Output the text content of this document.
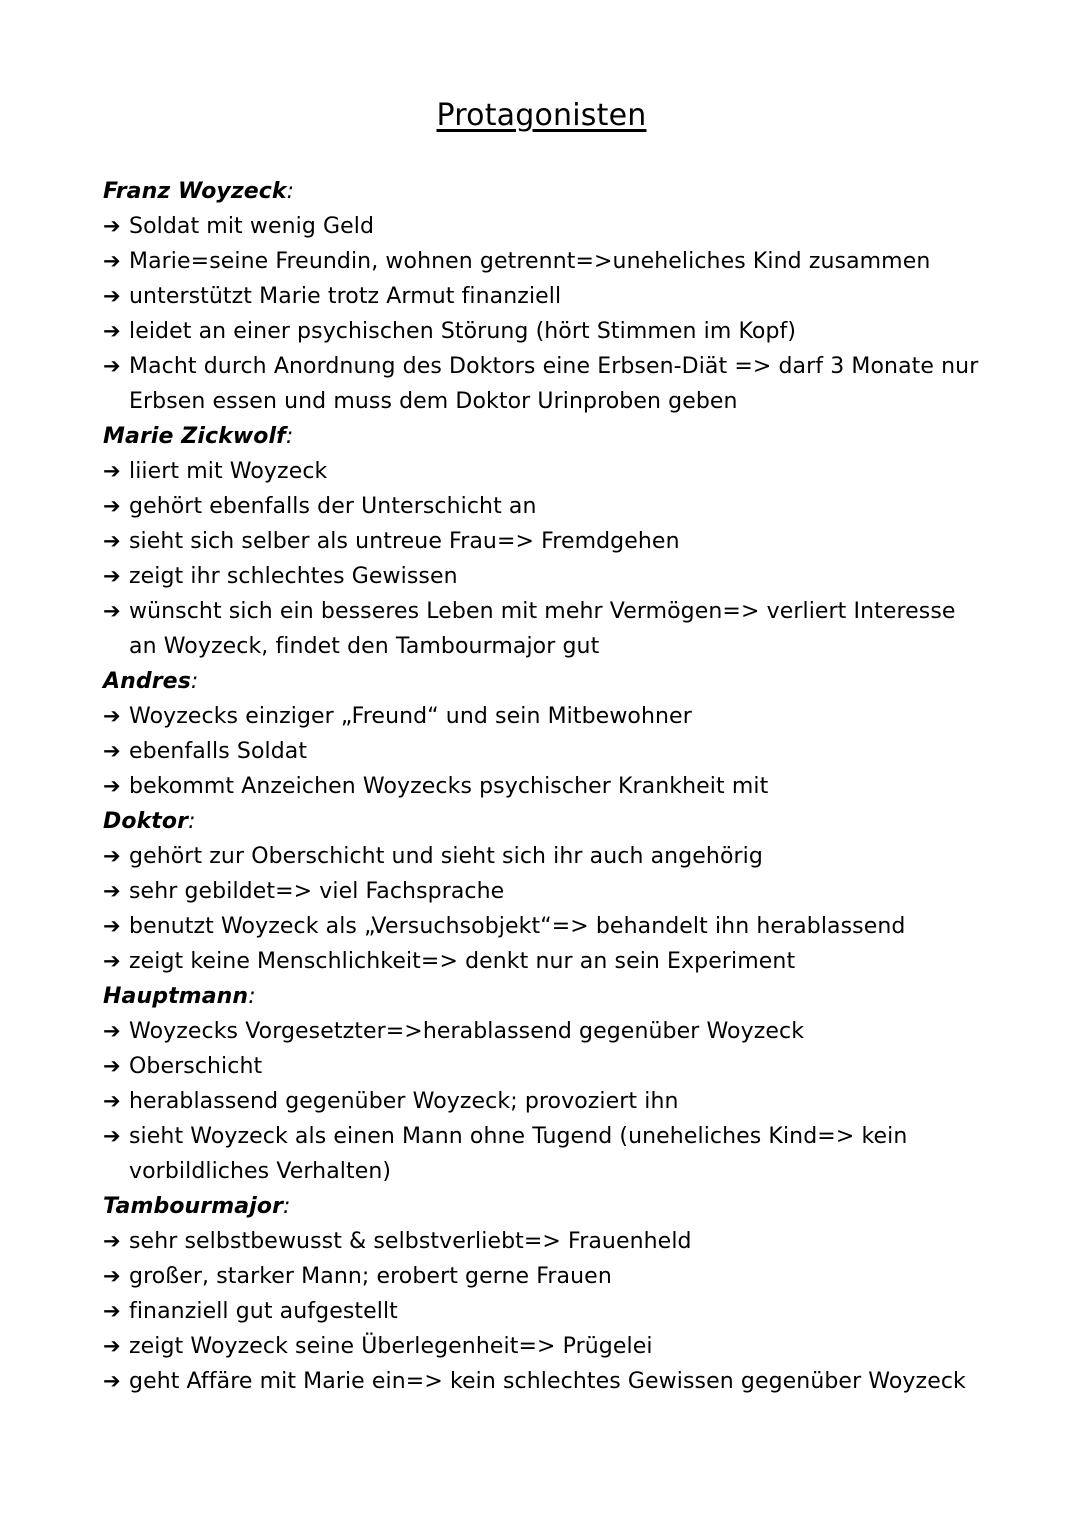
Protagonisten
Franz Woyzeck:
➔ Soldat mit wenig Geld
➔ Marie=seine Freundin, wohnen getrennt=>uneheliches Kind zusammen
➔ unterstützt Marie trotz Armut finanziell
➔ leidet an einer psychischen Störung (hört Stimmen im Kopf)
➔ Macht durch Anordnung des Doktors eine Erbsen-Diät => darf 3 Monate nur Erbsen essen und muss dem Doktor Urinproben geben
Marie Zickwolf:
➔ liiert mit Woyzeck
➔ gehört ebenfalls der Unterschicht an
➔ sieht sich selber als untreue Frau=> Fremdgehen
➔ zeigt ihr schlechtes Gewissen
➔ wünscht sich ein besseres Leben mit mehr Vermögen=> verliert Interesse an Woyzeck, findet den Tambourmajor gut
Andres:
➔ Woyzecks einziger „Freund“ und sein Mitbewohner
➔ ebenfalls Soldat
➔ bekommt Anzeichen Woyzecks psychischer Krankheit mit
Doktor:
➔ gehört zur Oberschicht und sieht sich ihr auch angehörig
➔ sehr gebildet=> viel Fachsprache
➔ benutzt Woyzeck als „Versuchsobjekt“=> behandelt ihn herablassend
➔ zeigt keine Menschlichkeit=> denkt nur an sein Experiment
Hauptmann:
➔ Woyzecks Vorgesetzter=>herablassend gegenüber Woyzeck
➔ Oberschicht
➔ herablassend gegenüber Woyzeck; provoziert ihn
➔ sieht Woyzeck als einen Mann ohne Tugend (uneheliches Kind=> kein vorbildliches Verhalten)
Tambourmajor:
➔ sehr selbstbewusst & selbstverliebt=> Frauenheld
➔ großer, starker Mann; erobert gerne Frauen
➔ finanziell gut aufgestellt
➔ zeigt Woyzeck seine Überlegenheit=> Prügelei
➔ geht Affäre mit Marie ein=> kein schlechtes Gewissen gegenüber Woyzeck
